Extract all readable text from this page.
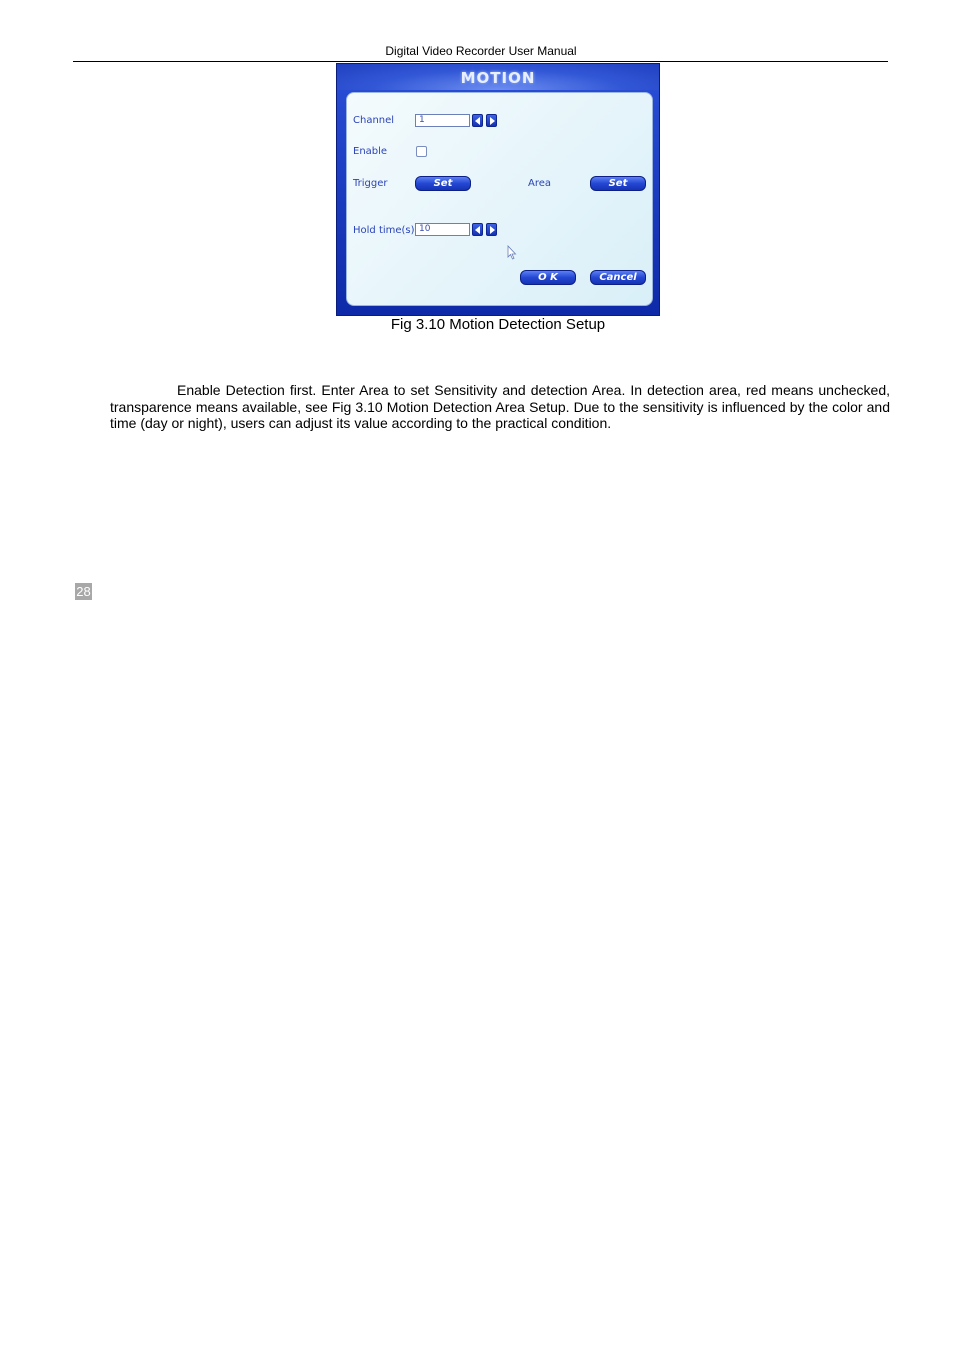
Digital Video Recorder User Manual
MOTION
Channel	1
Enable
Trigger	Set	Area	Set
Hold time(s) 10
O K	Cancel
Fig 3.10 Motion Detection Setup

Enable Detection first. Enter Area to set Sensitivity and detection Area. In detection area, red means unchecked, transparence means available, see Fig 3.10 Motion Detection Area Setup. Due to the sensitivity is influenced by the color and time (day or night), users can adjust its value according to the practical condition.

28
